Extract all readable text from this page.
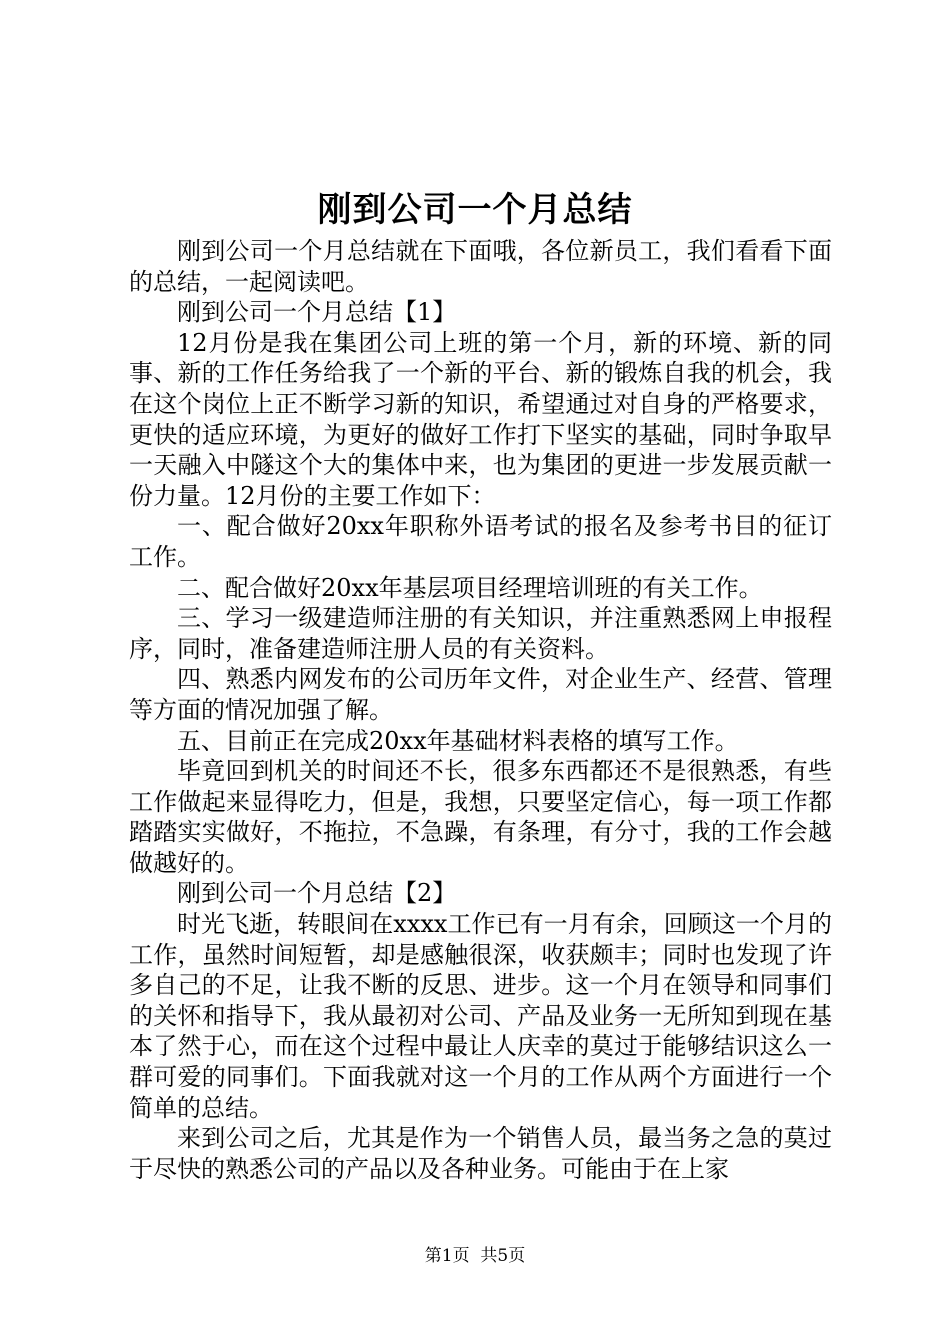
刚到公司一个月总结

刚到公司一个月总结就在下面哦，各位新员工，我们看看下面的总结，一起阅读吧。

刚到公司一个月总结【1】

12月份是我在集团公司上班的第一个月，新的环境、新的同事、新的工作任务给我了一个新的平台、新的锻炼自我的机会，我在这个岗位上正不断学习新的知识，希望通过对自身的严格要求，更快的适应环境，为更好的做好工作打下坚实的基础，同时争取早一天融入中隧这个大的集体中来，也为集团的更进一步发展贡献一份力量。12月份的主要工作如下：

一、配合做好20xx年职称外语考试的报名及参考书目的征订工作。

二、配合做好20xx年基层项目经理培训班的有关工作。

三、学习一级建造师注册的有关知识，并注重熟悉网上申报程序，同时，准备建造师注册人员的有关资料。

四、熟悉内网发布的公司历年文件，对企业生产、经营、管理等方面的情况加强了解。

五、目前正在完成20xx年基础材料表格的填写工作。

毕竟回到机关的时间还不长，很多东西都还不是很熟悉，有些工作做起来显得吃力，但是，我想，只要坚定信心，每一项工作都踏踏实实做好，不拖拉，不急躁，有条理，有分寸，我的工作会越做越好的。

刚到公司一个月总结【2】

时光飞逝，转眼间在xxxx工作已有一月有余，回顾这一个月的工作，虽然时间短暂，却是感触很深，收获颇丰；同时也发现了许多自己的不足，让我不断的反思、进步。这一个月在领导和同事们的关怀和指导下，我从最初对公司、产品及业务一无所知到现在基本了然于心，而在这个过程中最让人庆幸的莫过于能够结识这么一群可爱的同事们。下面我就对这一个月的工作从两个方面进行一个简单的总结。

来到公司之后，尤其是作为一个销售人员，最当务之急的莫过于尽快的熟悉公司的产品以及各种业务。可能由于在上家

第1页 共5页
